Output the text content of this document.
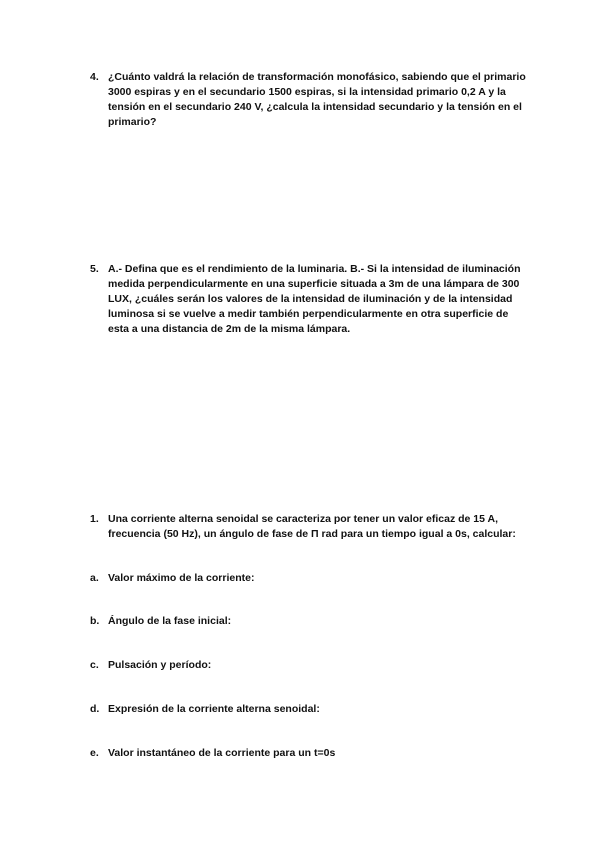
4. ¿Cuánto valdrá la relación de transformación monofásico, sabiendo que el primario 3000 espiras y en el secundario 1500 espiras, si la intensidad primario 0,2 A y la tensión en el secundario 240 V, ¿calcula la intensidad secundario y la tensión en el primario?
5. A.- Defina que es el rendimiento de la luminaria. B.- Si la intensidad de iluminación medida perpendicularmente en una superficie situada a 3m de una lámpara de 300 LUX, ¿cuáles serán los valores de la intensidad de iluminación y de la intensidad luminosa si se vuelve a medir también perpendicularmente en otra superficie de esta a una distancia de 2m de la misma lámpara.
1. Una corriente alterna senoidal se caracteriza por tener un valor eficaz de 15 A, frecuencia (50 Hz), un ángulo de fase de Π rad para un tiempo igual a 0s, calcular:
a. Valor máximo de la corriente:
b. Ángulo de la fase inicial:
c. Pulsación y período:
d. Expresión de la corriente alterna senoidal:
e. Valor instantáneo de la corriente para un t=0s
